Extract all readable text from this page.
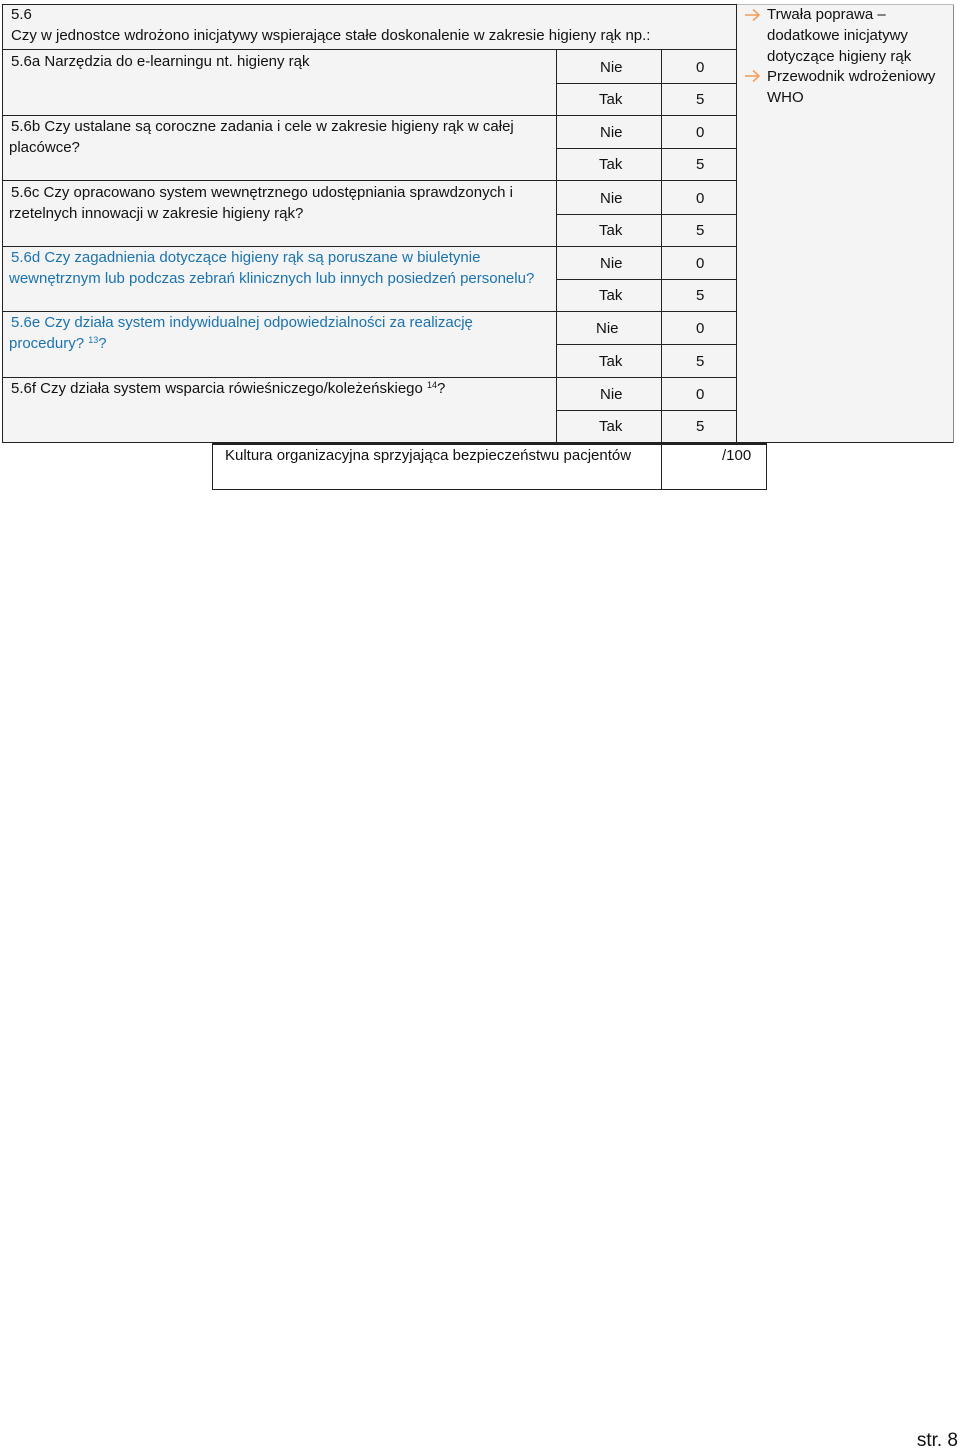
5.6
Czy w jednostce wdrożono inicjatywy wspierające stałe doskonalenie w zakresie higieny rąk np.:
5.6a Narzędzia do e-learningu nt. higieny rąk	Nie	0
Tak	5
5.6b Czy ustalane są coroczne zadania i cele w zakresie higieny rąk w całej
placówce?
Nie	0
Tak	5
5.6c Czy opracowano system wewnętrznego udostępniania sprawdzonych i
rzetelnych innowacji w zakresie higieny rąk?
Nie	0
Tak	5
5.6d Czy zagadnienia dotyczące higieny rąk są poruszane w biuletynie
wewnętrznym lub podczas zebrań klinicznych lub innych posiedzeń personelu?
Nie	0
Tak	5
5.6e Czy działa system indywidualnej odpowiedzialności za realizację
procedury? $^{13}$?
Nie	0
Tak	5
5.6f Czy działa system wsparcia rówieśniczego/koleżeńskiego $^{14}$?	Nie	0
Tak	5
Trwała poprawa –
dodatkowe inicjatywy
dotyczące higieny rąk
Przewodnik wdrożeniowy
WHO
Kultura organizacyjna sprzyjająca bezpieczeństwu pacjentów	/100
str. 8
